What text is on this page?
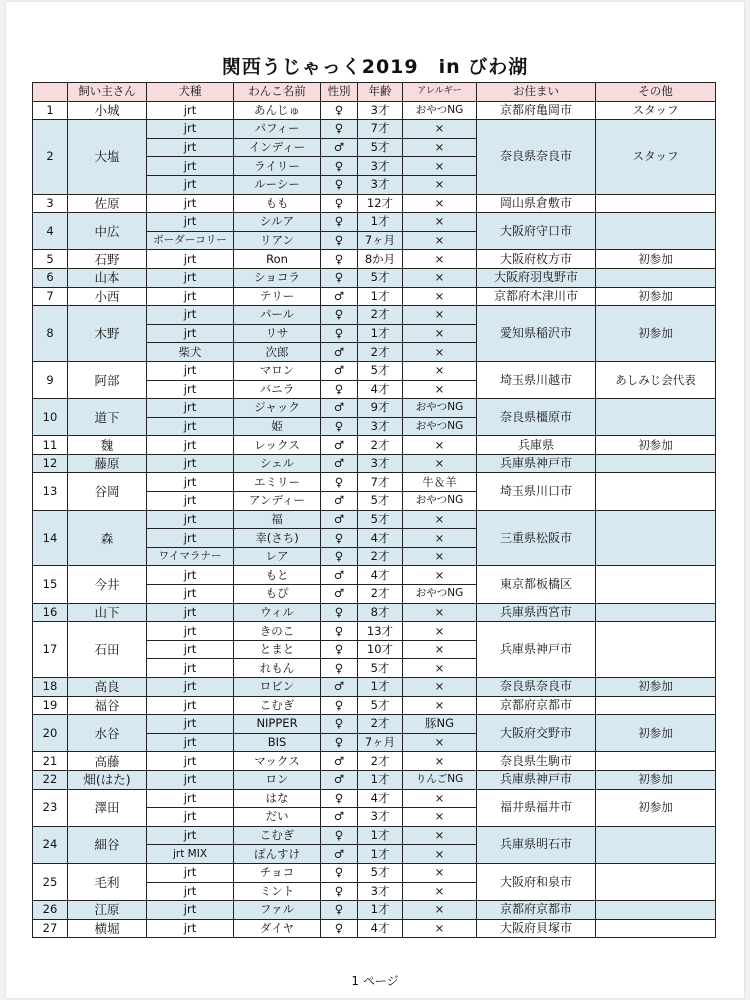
関西うじゃっく2019　in びわ湖
	飼い主さん	犬種	わんこ名前	性別	年齢	アレルギー	お住まい	その他
1	小城	jrt	あんじゅ	♀	3才	おやつNG	京都府亀岡市	スタッフ
2	大塩	jrt	パフィー	♀	7才	×	奈良県奈良市	スタッフ
		jrt	インディー	♂	5才	×		
		jrt	ライリー	♀	3才	×		
		jrt	ルーシー	♀	3才	×		
3	佐原	jrt	もも	♀	12才	×	岡山県倉敷市	
4	中広	jrt	シルア	♀	1才	×	大阪府守口市	
		ボーダーコリー	リアン	♀	7ヶ月	×		
5	石野	jrt	Ron	♀	8か月	×	大阪府枚方市	初参加
6	山本	jrt	ショコラ	♀	5才	×	大阪府羽曳野市	
7	小西	jrt	テリー	♂	1才	×	京都府木津川市	初参加
8	木野	jrt	パール	♀	2才	×	愛知県稲沢市	初参加
		jrt	リサ	♀	1才	×		
		柴犬	次郎	♂	2才	×		
9	阿部	jrt	マロン	♂	5才	×	埼玉県川越市	あしみじ会代表
		jrt	バニラ	♀	4才	×		
10	道下	jrt	ジャック	♂	9才	おやつNG	奈良県橿原市	
		jrt	姫	♀	3才	おやつNG		
11	魏	jrt	レックス	♂	2才	×	兵庫県	初参加
12	藤原	jrt	シェル	♂	3才	×	兵庫県神戸市	
13	谷岡	jrt	エミリー	♀	7才	牛＆羊	埼玉県川口市	
		jrt	アンディー	♂	5才	おやつNG		
14	森	jrt	福	♂	5才	×	三重県松阪市	
		jrt	幸(さち)	♀	4才	×		
		ワイマラナー	レア	♀	2才	×		
15	今井	jrt	もと	♂	4才	×	東京都板橋区	
		jrt	もぴ	♂	2才	おやつNG		
16	山下	jrt	ウィル	♀	8才	×	兵庫県西宮市	
17	石田	jrt	きのこ	♀	13才	×	兵庫県神戸市	
		jrt	とまと	♀	10才	×		
		jrt	れもん	♀	5才	×		
18	高良	jrt	ロビン	♂	1才	×	奈良県奈良市	初参加
19	福谷	jrt	こむぎ	♀	5才	×	京都府京都市	
20	水谷	jrt	NIPPER	♀	2才	豚NG	大阪府交野市	初参加
		jrt	BIS	♀	7ヶ月	×		
21	高藤	jrt	マックス	♂	2才	×	奈良県生駒市	
22	畑(はた)	jrt	ロン	♂	1才	りんごNG	兵庫県神戸市	初参加
23	澤田	jrt	はな	♀	4才	×	福井県福井市	初参加
		jrt	だい	♂	3才	×		
24	細谷	jrt	こむぎ	♀	1才	×	兵庫県明石市	
		jrt MIX	ぽんすけ	♂	1才	×		
25	毛利	jrt	チョコ	♀	5才	×	大阪府和泉市	
		jrt	ミント	♀	3才	×		
26	江原	jrt	ファル	♀	1才	×	京都府京都市	
27	横堀	jrt	ダイヤ	♀	4才	×	大阪府貝塚市	
1 ページ
